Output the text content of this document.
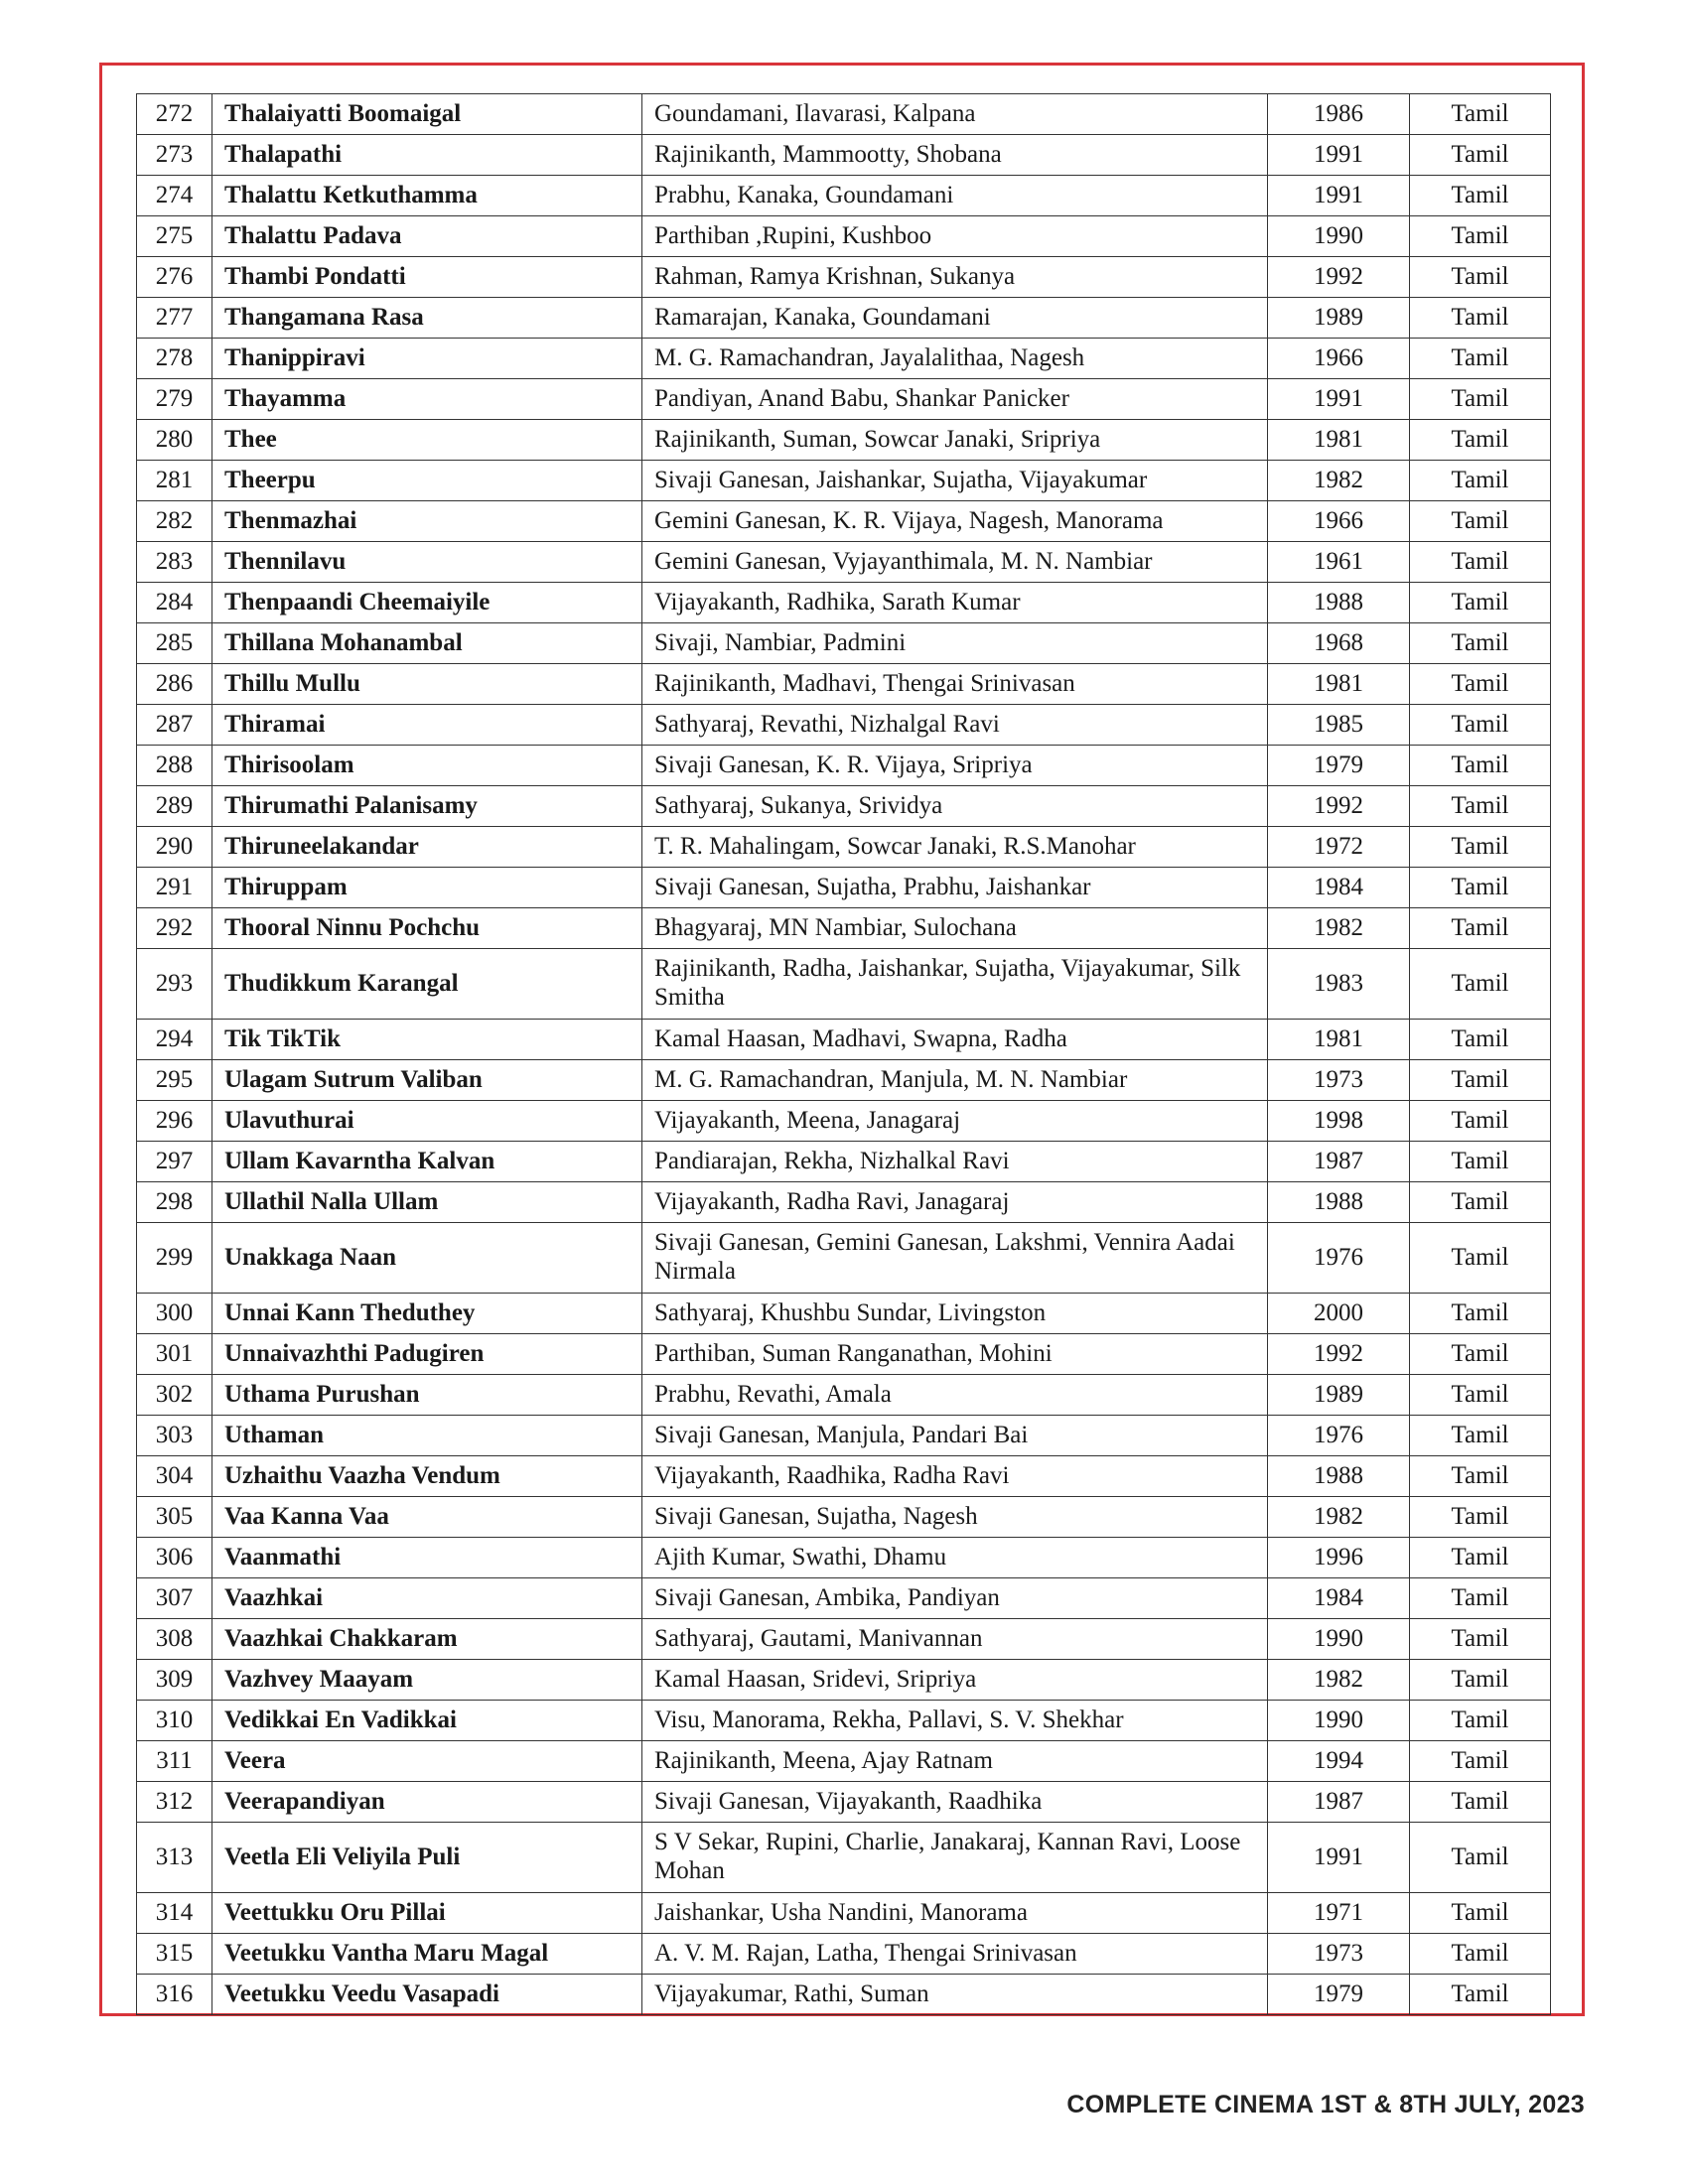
272	Thalaiyatti Boomaigal	Goundamani, Ilavarasi, Kalpana	1986	Tamil
273	Thalapathi	Rajinikanth, Mammootty, Shobana	1991	Tamil
274	Thalattu Ketkuthamma	Prabhu, Kanaka, Goundamani	1991	Tamil
275	Thalattu Padava	Parthiban ,Rupini, Kushboo	1990	Tamil
276	Thambi Pondatti	Rahman, Ramya Krishnan, Sukanya	1992	Tamil
277	Thangamana Rasa	Ramarajan, Kanaka, Goundamani	1989	Tamil
278	Thanippiravi	M. G. Ramachandran, Jayalalithaa, Nagesh	1966	Tamil
279	Thayamma	Pandiyan, Anand Babu, Shankar Panicker	1991	Tamil
280	Thee	Rajinikanth, Suman, Sowcar Janaki, Sripriya	1981	Tamil
281	Theerpu	Sivaji Ganesan, Jaishankar, Sujatha, Vijayakumar	1982	Tamil
282	Thenmazhai	Gemini Ganesan, K. R. Vijaya, Nagesh, Manorama	1966	Tamil
283	Thennilavu	Gemini Ganesan, Vyjayanthimala, M. N. Nambiar	1961	Tamil
284	Thenpaandi Cheemaiyile	Vijayakanth, Radhika, Sarath Kumar	1988	Tamil
285	Thillana Mohanambal	Sivaji, Nambiar, Padmini	1968	Tamil
286	Thillu Mullu	Rajinikanth, Madhavi, Thengai Srinivasan	1981	Tamil
287	Thiramai	Sathyaraj, Revathi, Nizhalgal Ravi	1985	Tamil
288	Thirisoolam	Sivaji Ganesan, K. R. Vijaya, Sripriya	1979	Tamil
289	Thirumathi Palanisamy	Sathyaraj, Sukanya, Srividya	1992	Tamil
290	Thiruneelakandar	T. R. Mahalingam, Sowcar Janaki, R.S.Manohar	1972	Tamil
291	Thiruppam	Sivaji Ganesan, Sujatha, Prabhu, Jaishankar	1984	Tamil
292	Thooral Ninnu Pochchu	Bhagyaraj, MN Nambiar, Sulochana	1982	Tamil
293	Thudikkum Karangal	Rajinikanth, Radha, Jaishankar, Sujatha, Vijayakumar, Silk Smitha	1983	Tamil
294	Tik TikTik	Kamal Haasan, Madhavi, Swapna, Radha	1981	Tamil
295	Ulagam Sutrum Valiban	M. G. Ramachandran, Manjula, M. N. Nambiar	1973	Tamil
296	Ulavuthurai	Vijayakanth, Meena, Janagaraj	1998	Tamil
297	Ullam Kavarntha Kalvan	Pandiarajan, Rekha, Nizhalkal Ravi	1987	Tamil
298	Ullathil Nalla Ullam	Vijayakanth, Radha Ravi, Janagaraj	1988	Tamil
299	Unakkaga Naan	Sivaji Ganesan, Gemini Ganesan, Lakshmi, Vennira Aadai Nirmala	1976	Tamil
300	Unnai Kann Theduthey	Sathyaraj, Khushbu Sundar, Livingston	2000	Tamil
301	Unnaivazhthi Padugiren	Parthiban, Suman Ranganathan, Mohini	1992	Tamil
302	Uthama Purushan	Prabhu, Revathi, Amala	1989	Tamil
303	Uthaman	Sivaji Ganesan, Manjula, Pandari Bai	1976	Tamil
304	Uzhaithu Vaazha Vendum	Vijayakanth, Raadhika, Radha Ravi	1988	Tamil
305	Vaa Kanna Vaa	Sivaji Ganesan, Sujatha, Nagesh	1982	Tamil
306	Vaanmathi	Ajith Kumar, Swathi, Dhamu	1996	Tamil
307	Vaazhkai	Sivaji Ganesan, Ambika, Pandiyan	1984	Tamil
308	Vaazhkai Chakkaram	Sathyaraj, Gautami, Manivannan	1990	Tamil
309	Vazhvey Maayam	Kamal Haasan, Sridevi, Sripriya	1982	Tamil
310	Vedikkai En Vadikkai	Visu, Manorama, Rekha, Pallavi, S. V. Shekhar	1990	Tamil
311	Veera	Rajinikanth, Meena, Ajay Ratnam	1994	Tamil
312	Veerapandiyan	Sivaji Ganesan, Vijayakanth, Raadhika	1987	Tamil
313	Veetla Eli Veliyila Puli	S V Sekar, Rupini, Charlie, Janakaraj, Kannan Ravi, Loose Mohan	1991	Tamil
314	Veettukku Oru Pillai	Jaishankar, Usha Nandini, Manorama	1971	Tamil
315	Veetukku Vantha Maru Magal	A. V. M. Rajan, Latha, Thengai Srinivasan	1973	Tamil
316	Veetukku Veedu Vasapadi	Vijayakumar, Rathi, Suman	1979	Tamil
COMPLETE CINEMA 1ST & 8TH JULY, 2023
